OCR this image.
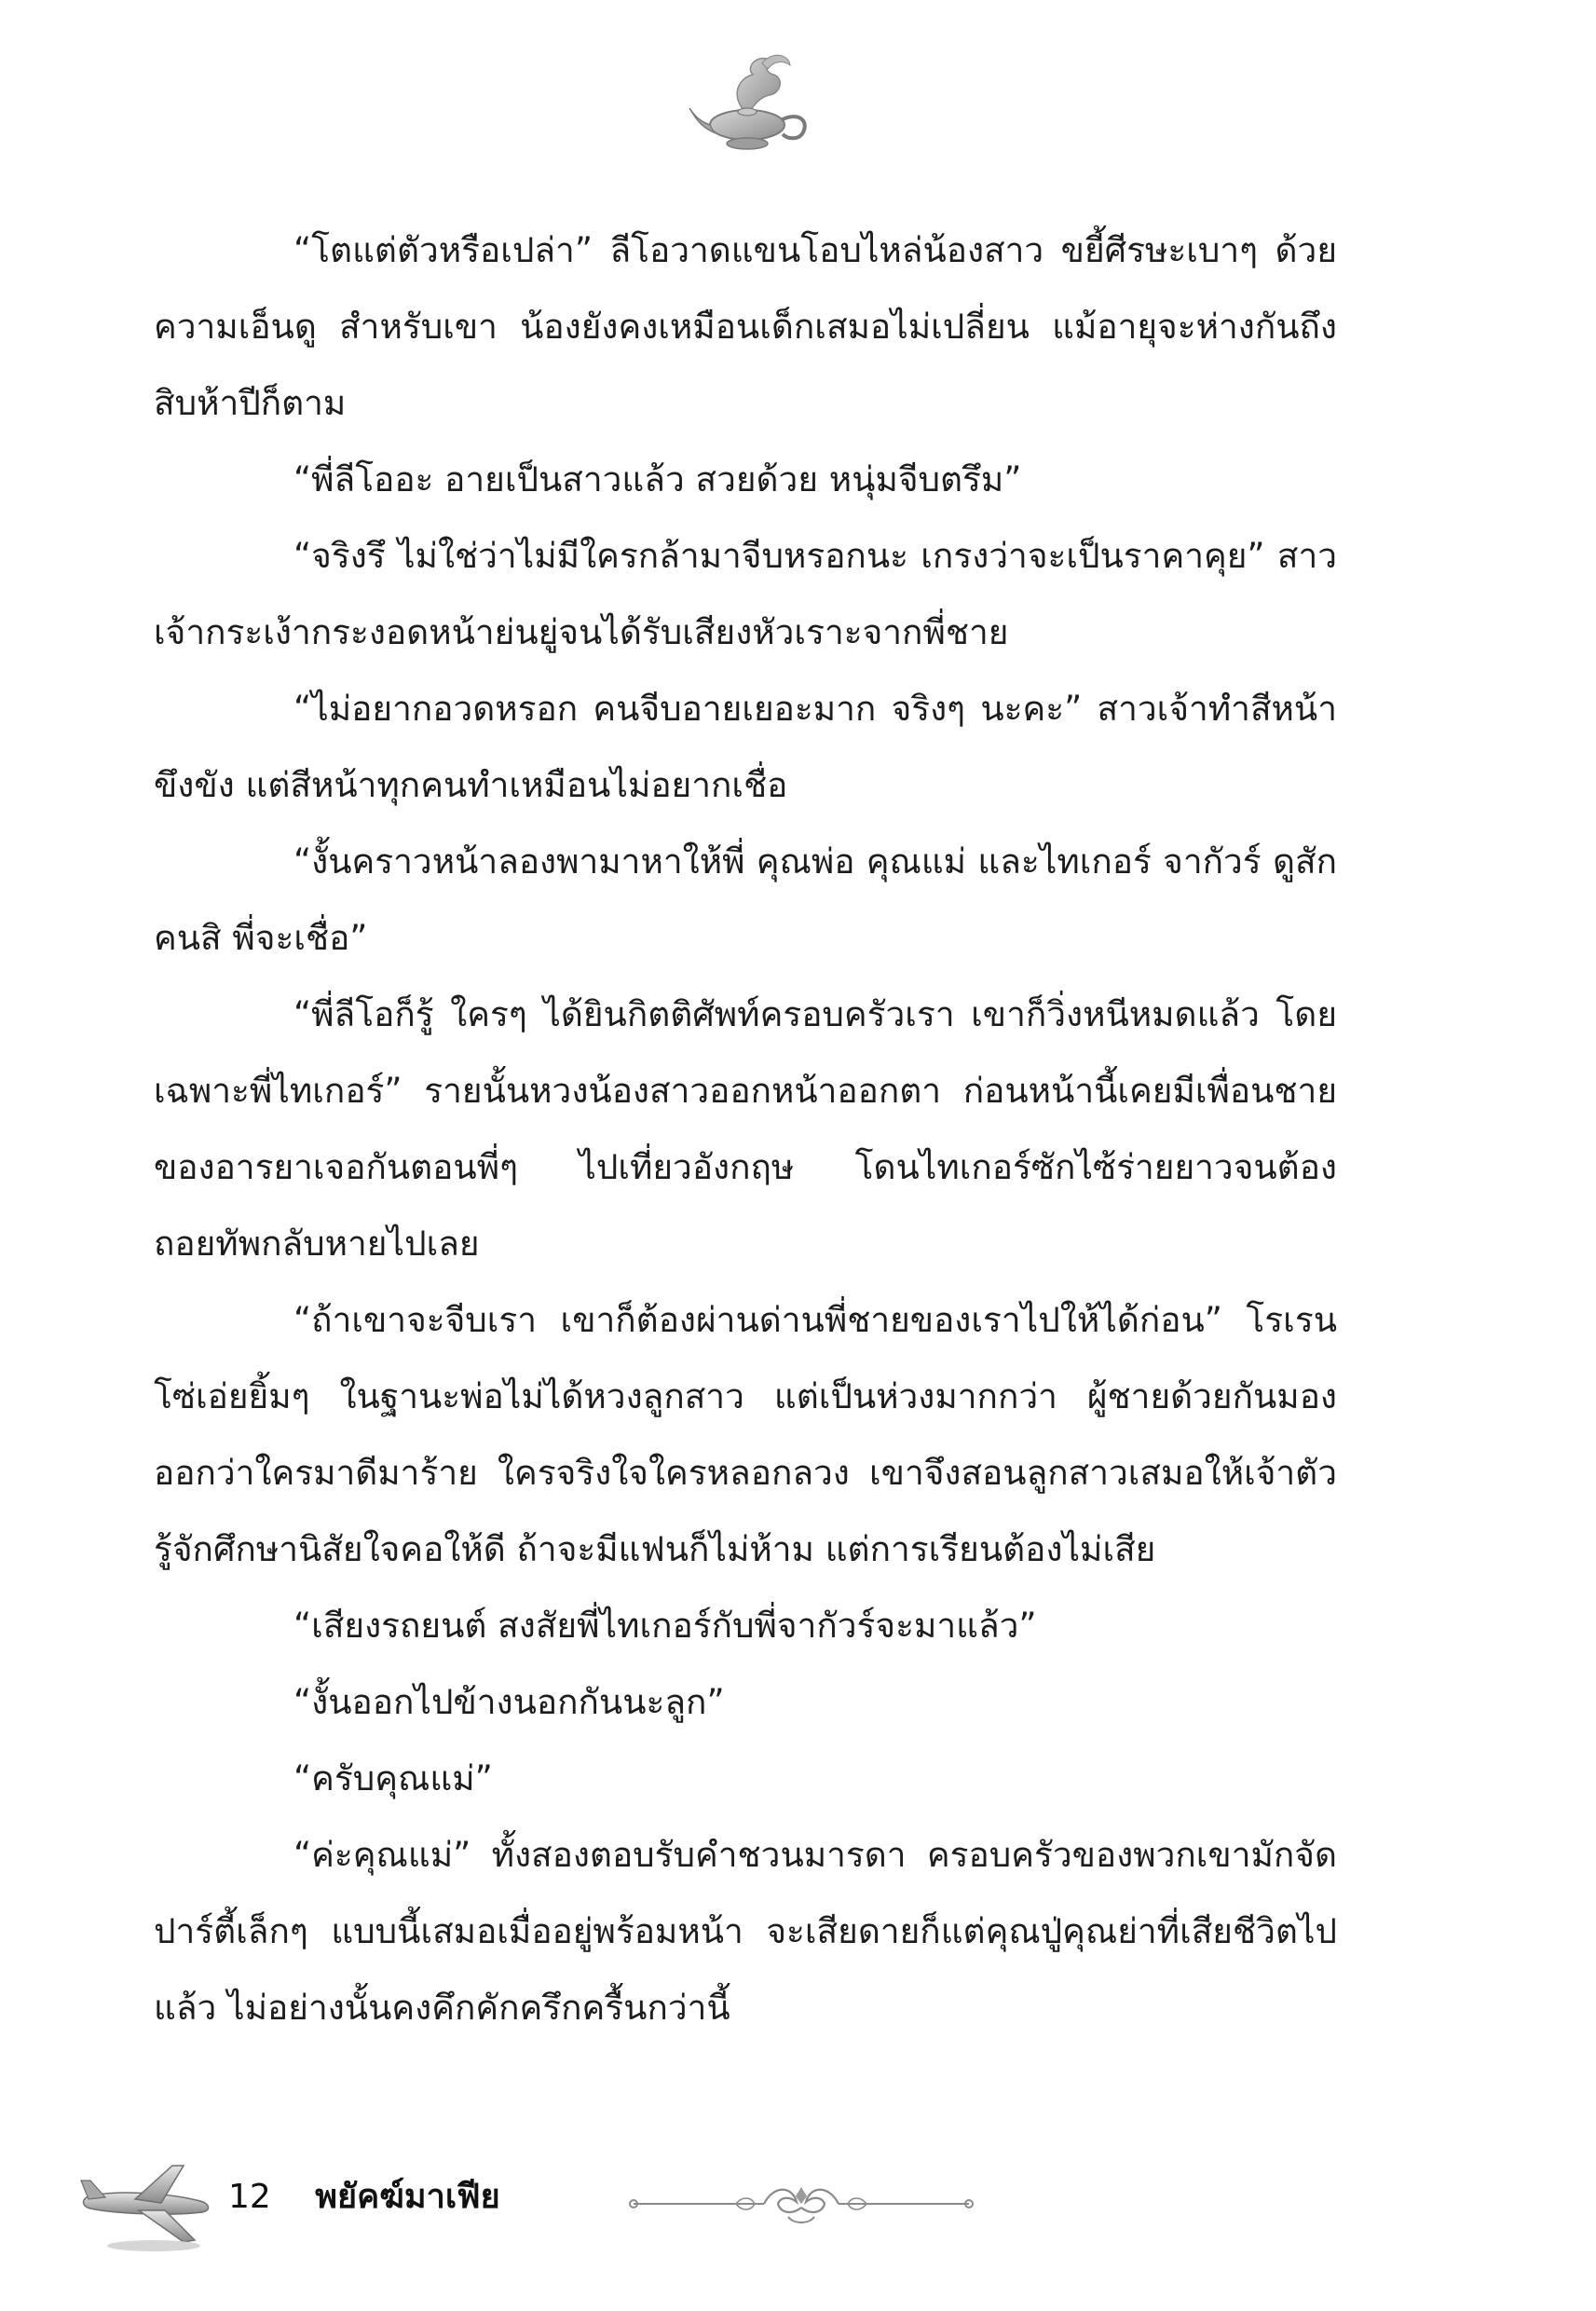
“โตแต่ตัวหรือเปล่า” ลีโอวาดแขนโอบไหล่น้องสาว ขยี้ศีรษะเบาๆ ด้วยความเอ็นดู สำหรับเขา น้องยังคงเหมือนเด็กเสมอไม่เปลี่ยน แม้อายุจะห่างกันถึงสิบห้าปีก็ตาม

“พี่ลีโออะ อายเป็นสาวแล้ว สวยด้วย หนุ่มจีบตรึม”

“จริงรึ ไม่ใช่ว่าไม่มีใครกล้ามาจีบหรอกนะ เกรงว่าจะเป็นราคาคุย” สาวเจ้ากระเง้ากระงอดหน้าย่นยู่จนได้รับเสียงหัวเราะจากพี่ชาย

“ไม่อยากอวดหรอก คนจีบอายเยอะมาก จริงๆ นะคะ” สาวเจ้าทำสีหน้าขึงขัง แต่สีหน้าทุกคนทำเหมือนไม่อยากเชื่อ

“งั้นคราวหน้าลองพามาหาให้พี่ คุณพ่อ คุณแม่ และไทเกอร์ จากัวร์ ดูสักคนสิ พี่จะเชื่อ”

“พี่ลีโอก็รู้ ใครๆ ได้ยินกิตติศัพท์ครอบครัวเรา เขาก็วิ่งหนีหมดแล้ว โดยเฉพาะพี่ไทเกอร์” รายนั้นหวงน้องสาวออกหน้าออกตา ก่อนหน้านี้เคยมีเพื่อนชายของอารยาเจอกันตอนพี่ๆ ไปเที่ยวอังกฤษ โดนไทเกอร์ซักไซ้ร่ายยาวจนต้องถอยทัพกลับหายไปเลย

“ถ้าเขาจะจีบเรา เขาก็ต้องผ่านด่านพี่ชายของเราไปให้ได้ก่อน” โรเรนโซ่เอ่ยยิ้มๆ ในฐานะพ่อไม่ได้หวงลูกสาว แต่เป็นห่วงมากกว่า ผู้ชายด้วยกันมองออกว่าใครมาดีมาร้าย ใครจริงใจใครหลอกลวง เขาจึงสอนลูกสาวเสมอให้เจ้าตัวรู้จักศึกษานิสัยใจคอให้ดี ถ้าจะมีแฟนก็ไม่ห้าม แต่การเรียนต้องไม่เสีย

“เสียงรถยนต์ สงสัยพี่ไทเกอร์กับพี่จากัวร์จะมาแล้ว”

“งั้นออกไปข้างนอกกันนะลูก”

“ครับคุณแม่”

“ค่ะคุณแม่” ทั้งสองตอบรับคำชวนมารดา ครอบครัวของพวกเขามักจัดปาร์ตี้เล็กๆ แบบนี้เสมอเมื่ออยู่พร้อมหน้า จะเสียดายก็แต่คุณปู่คุณย่าที่เสียชีวิตไปแล้ว ไม่อย่างนั้นคงคึกคักครึกครื้นกว่านี้

12 พยัคฆ์มาเฟีย
